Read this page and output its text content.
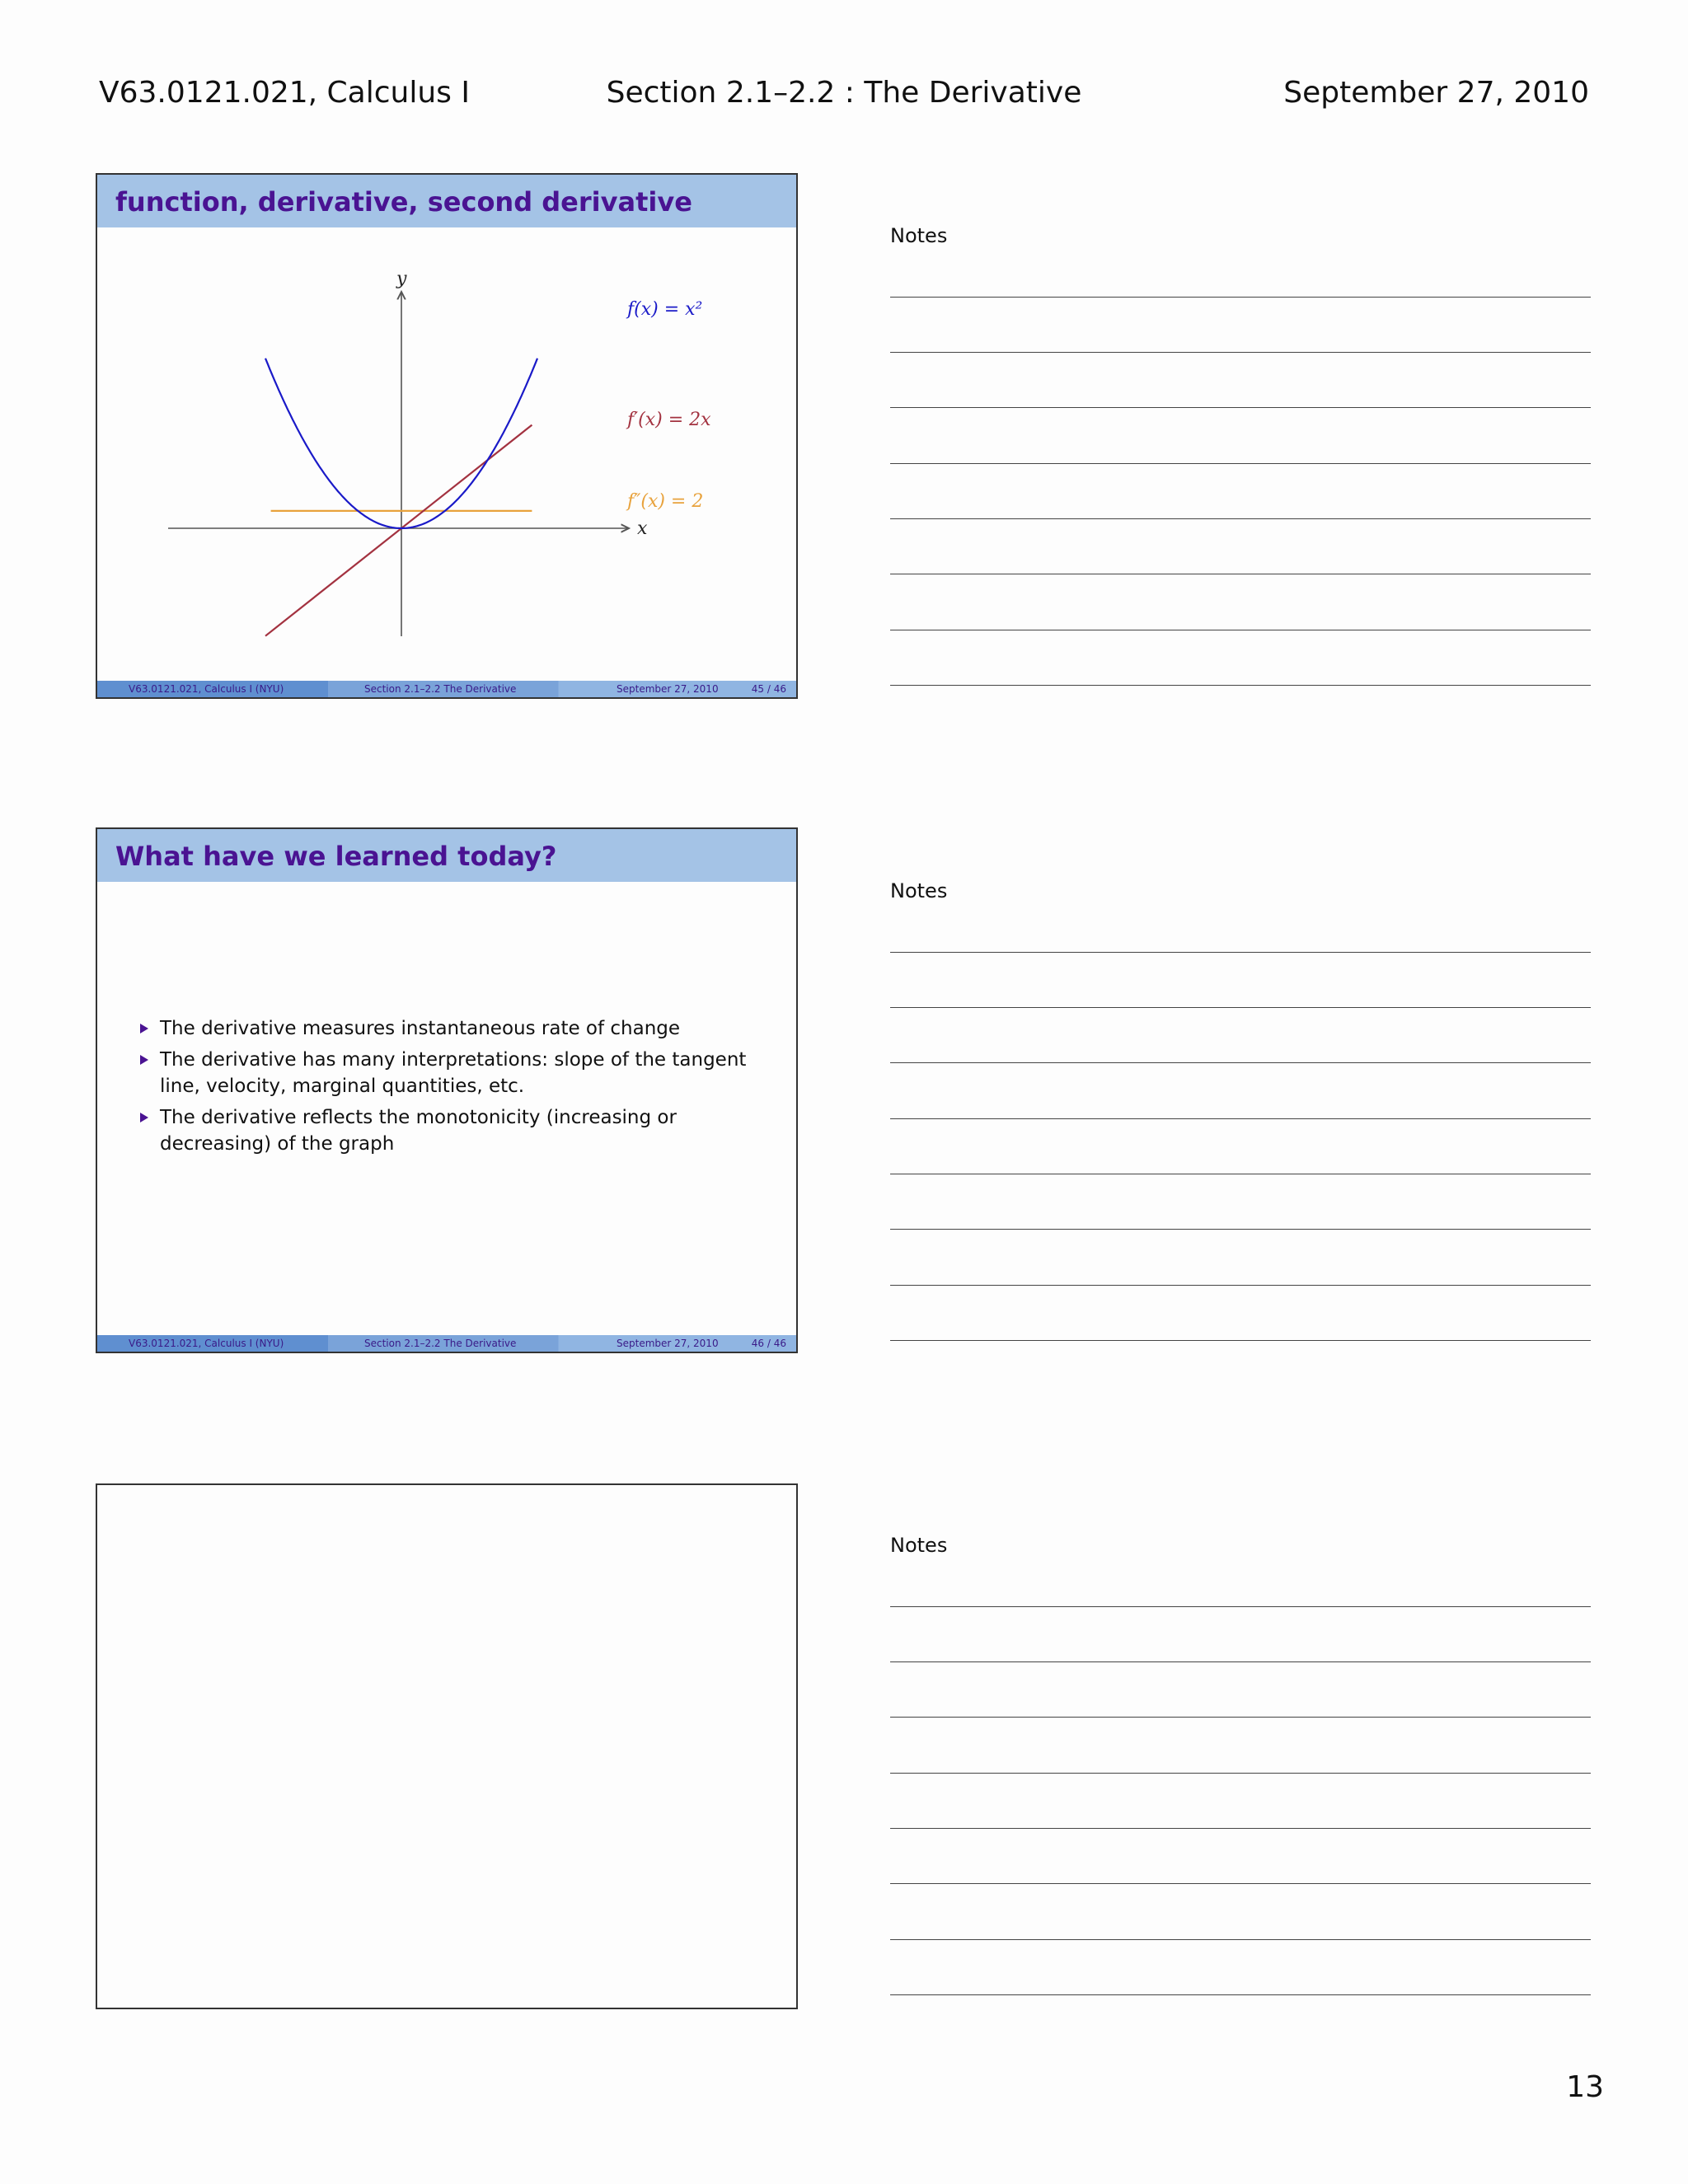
V63.0121.021, Calculus I	Section 2.1–2.2 : The Derivative	September 27, 2010
function, derivative, second derivative
y
x
f(x) = x²
f′(x) = 2x
f″(x) = 2
V63.0121.021, Calculus I (NYU)	Section 2.1–2.2 The Derivative	September 27, 2010	45 / 46
What have we learned today?
The derivative measures instantaneous rate of change
The derivative has many interpretations: slope of the tangent line, velocity, marginal quantities, etc.
The derivative reflects the monotonicity (increasing or decreasing) of the graph
V63.0121.021, Calculus I (NYU)	Section 2.1–2.2 The Derivative	September 27, 2010	46 / 46
Notes
Notes
Notes
13
